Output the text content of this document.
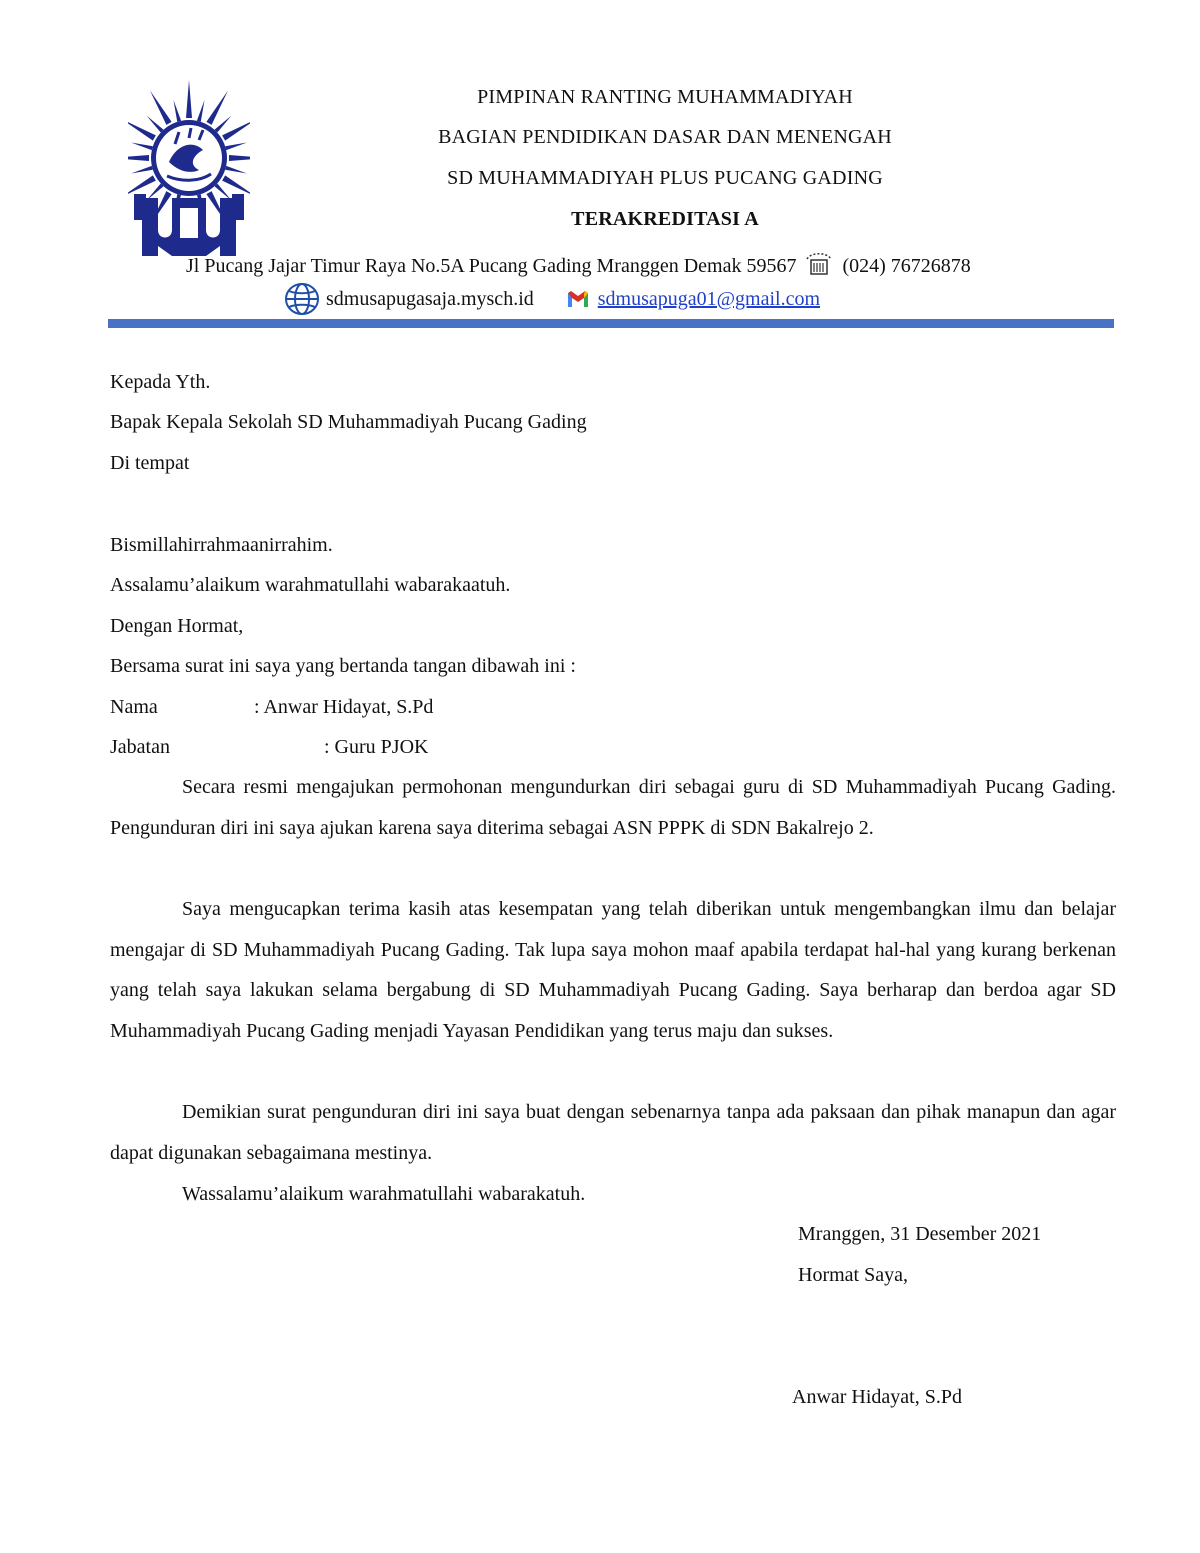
PIMPINAN RANTING MUHAMMADIYAH
BAGIAN PENDIDIKAN DASAR DAN MENENGAH
SD MUHAMMADIYAH PLUS PUCANG GADING
TERAKREDITASI A
Jl Pucang Jajar Timur Raya No.5A Pucang Gading Mranggen Demak 59567 (024) 76726878
sdmusapugasaja.mysch.id	sdmusapuga01@gmail.com
Kepada Yth.
Bapak Kepala Sekolah SD Muhammadiyah Pucang Gading
Di tempat
Bismillahirrahmaanirrahim.
Assalamu’alaikum warahmatullahi wabarakaatuh.
Dengan Hormat,
Bersama surat ini saya yang bertanda tangan dibawah ini :
Nama	: Anwar Hidayat, S.Pd
Jabatan	: Guru PJOK
Secara resmi mengajukan permohonan mengundurkan diri sebagai guru di SD Muhammadiyah Pucang Gading. Pengunduran diri ini saya ajukan karena saya diterima sebagai ASN PPPK di SDN Bakalrejo 2.
Saya mengucapkan terima kasih atas kesempatan yang telah diberikan untuk mengembangkan ilmu dan belajar mengajar di SD Muhammadiyah Pucang Gading. Tak lupa saya mohon maaf apabila terdapat hal-hal yang kurang berkenan yang telah saya lakukan selama bergabung di SD Muhammadiyah Pucang Gading. Saya berharap dan berdoa agar SD Muhammadiyah Pucang Gading menjadi Yayasan Pendidikan yang terus maju dan sukses.
Demikian surat pengunduran diri ini saya buat dengan sebenarnya tanpa ada paksaan dan pihak manapun dan agar dapat digunakan sebagaimana mestinya.
Wassalamu’alaikum warahmatullahi wabarakatuh.
Mranggen, 31 Desember 2021
Hormat Saya,
Anwar Hidayat, S.Pd
